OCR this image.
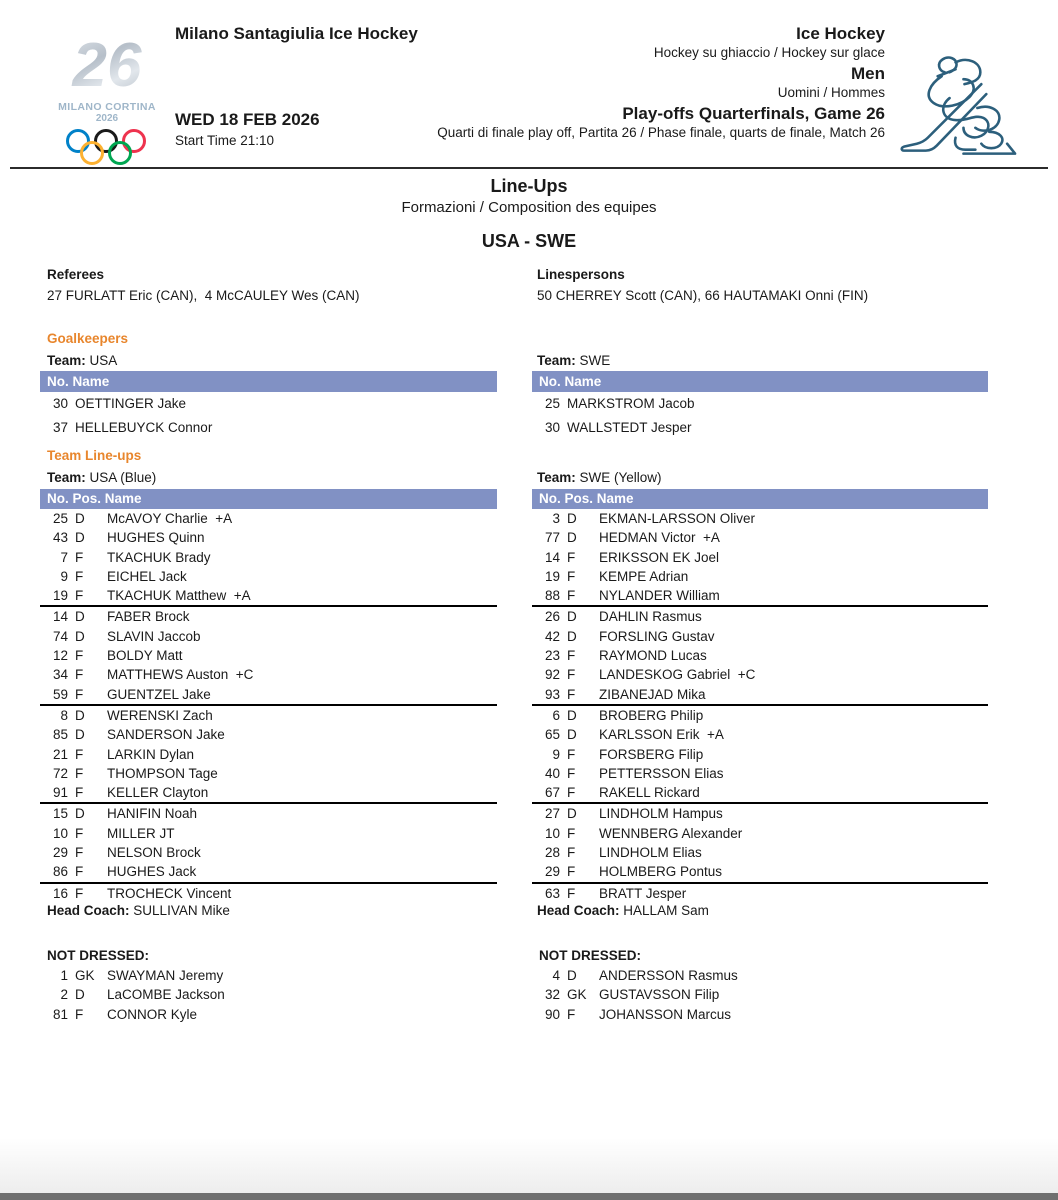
26
MILANO CORTINA
2026
Milano Santagiulia Ice Hockey
WED 18 FEB 2026
Start Time 21:10
Ice Hockey
Hockey su ghiaccio / Hockey sur glace
Men
Uomini / Hommes
Play-offs Quarterfinals, Game 26
Quarti di finale play off, Partita 26 / Phase finale, quarts de finale, Match 26
Line-Ups
Formazioni / Composition des equipes
USA - SWE
Referees
27 FURLATT Eric (CAN),  4 McCAULEY Wes (CAN)
Linespersons
50 CHERREY Scott (CAN), 66 HAUTAMAKI Onni (FIN)
Goalkeepers
Team: USA	Team: SWE
No. Name
30 OETTINGER Jake
37 HELLEBUYCK Connor
No. Name
25 MARKSTROM Jacob
30 WALLSTEDT Jesper
Team Line-ups
Team: USA (Blue)	Team: SWE (Yellow)
No. Pos. Name
25 D	McAVOY Charlie  +A
43 D	HUGHES Quinn
7 F	TKACHUK Brady
9 F	EICHEL Jack
19 F	TKACHUK Matthew  +A
14 D	FABER Brock
74 D	SLAVIN Jaccob
12 F	BOLDY Matt
34 F	MATTHEWS Auston  +C
59 F	GUENTZEL Jake
8 D	WERENSKI Zach
85 D	SANDERSON Jake
21 F	LARKIN Dylan
72 F	THOMPSON Tage
91 F	KELLER Clayton
15 D	HANIFIN Noah
10 F	MILLER JT
29 F	NELSON Brock
86 F	HUGHES Jack
16 F	TROCHECK Vincent
No. Pos. Name
3 D	EKMAN-LARSSON Oliver
77 D	HEDMAN Victor  +A
14 F	ERIKSSON EK Joel
19 F	KEMPE Adrian
88 F	NYLANDER William
26 D	DAHLIN Rasmus
42 D	FORSLING Gustav
23 F	RAYMOND Lucas
92 F	LANDESKOG Gabriel  +C
93 F	ZIBANEJAD Mika
6 D	BROBERG Philip
65 D	KARLSSON Erik  +A
9 F	FORSBERG Filip
40 F	PETTERSSON Elias
67 F	RAKELL Rickard
27 D	LINDHOLM Hampus
10 F	WENNBERG Alexander
28 F	LINDHOLM Elias
29 F	HOLMBERG Pontus
63 F	BRATT Jesper
Head Coach: SULLIVAN Mike	Head Coach: HALLAM Sam
NOT DRESSED:
1 GK SWAYMAN Jeremy
2 D	LaCOMBE Jackson
81 F	CONNOR Kyle
NOT DRESSED:
4 D	ANDERSSON Rasmus
32 GK GUSTAVSSON Filip
90 F	JOHANSSON Marcus
